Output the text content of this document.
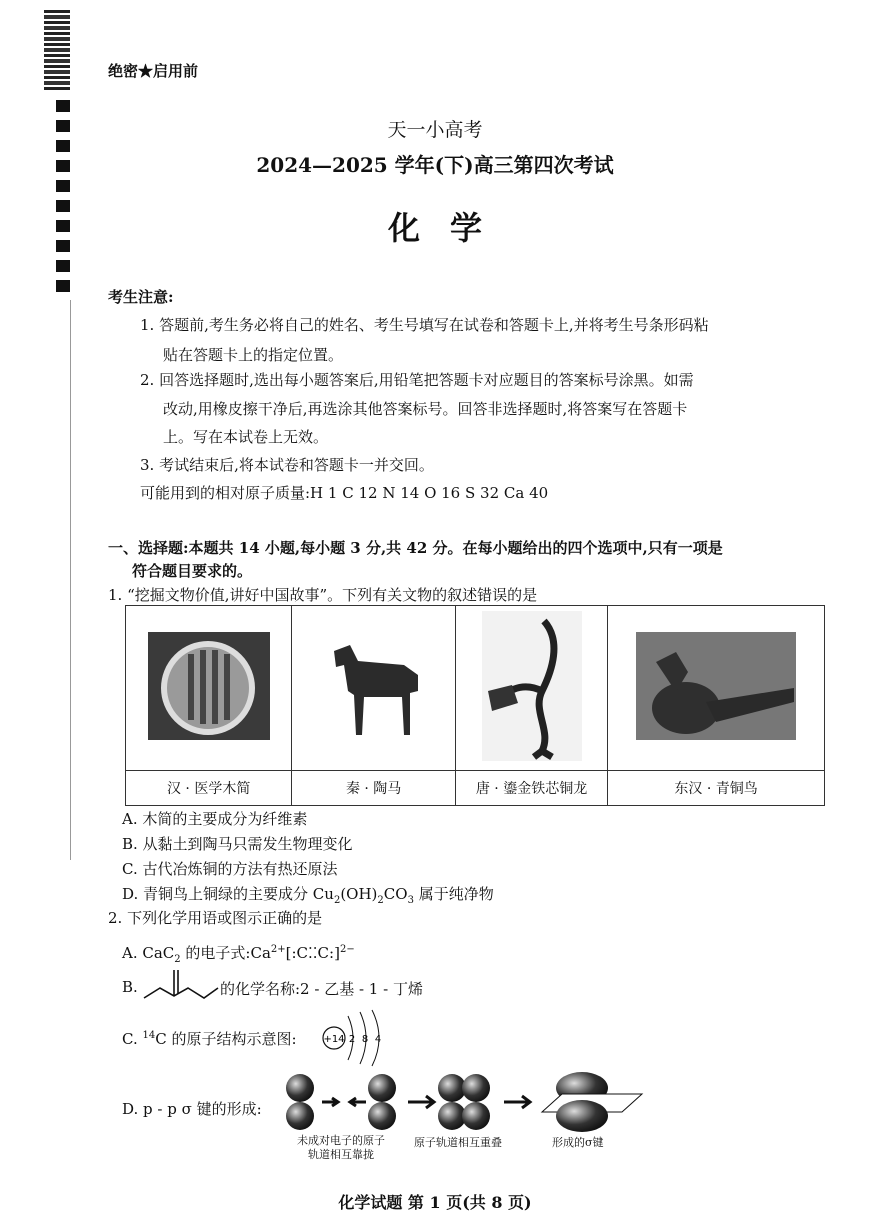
绝密★启用前
天一小高考
2024—2025 学年(下)高三第四次考试
化学
考生注意:
1. 答题前,考生务必将自己的姓名、考生号填写在试卷和答题卡上,并将考生号条形码粘
贴在答题卡上的指定位置。
2. 回答选择题时,选出每小题答案后,用铅笔把答题卡对应题目的答案标号涂黑。如需
改动,用橡皮擦干净后,再选涂其他答案标号。回答非选择题时,将答案写在答题卡
上。写在本试卷上无效。
3. 考试结束后,将本试卷和答题卡一并交回。
可能用到的相对原子质量:H 1 C 12 N 14 O 16 S 32 Ca 40
一、选择题:本题共 14 小题,每小题 3 分,共 42 分。在每小题给出的四个选项中,只有一项是
符合题目要求的。
1. “挖掘文物价值,讲好中国故事”。下列有关文物的叙述错误的是

汉 · 医学木简	秦 · 陶马	唐 · 鎏金铁芯铜龙	东汉 · 青铜鸟
A. 木简的主要成分为纤维素
B. 从黏土到陶马只需发生物理变化
C. 古代冶炼铜的方法有热还原法
D. 青铜鸟上铜绿的主要成分 $Cu_2(OH)_2CO_3$ 属于纯净物
2. 下列化学用语或图示正确的是
A. CaC$_2$ 的电子式$:Ca^{2+}[:C⁚⁚C:]^{2-}$
B.	的化学名称:2 - 乙基 - 1 - 丁烯
C. $^{14}$C 的原子结构示意图:	+14 2 8 4
D. p - p σ 键的形成:
未成对电子的原子
轨道相互靠拢
原子轨道相互重叠	形成的σ键
化学试题 第 1 页(共 8 页)
